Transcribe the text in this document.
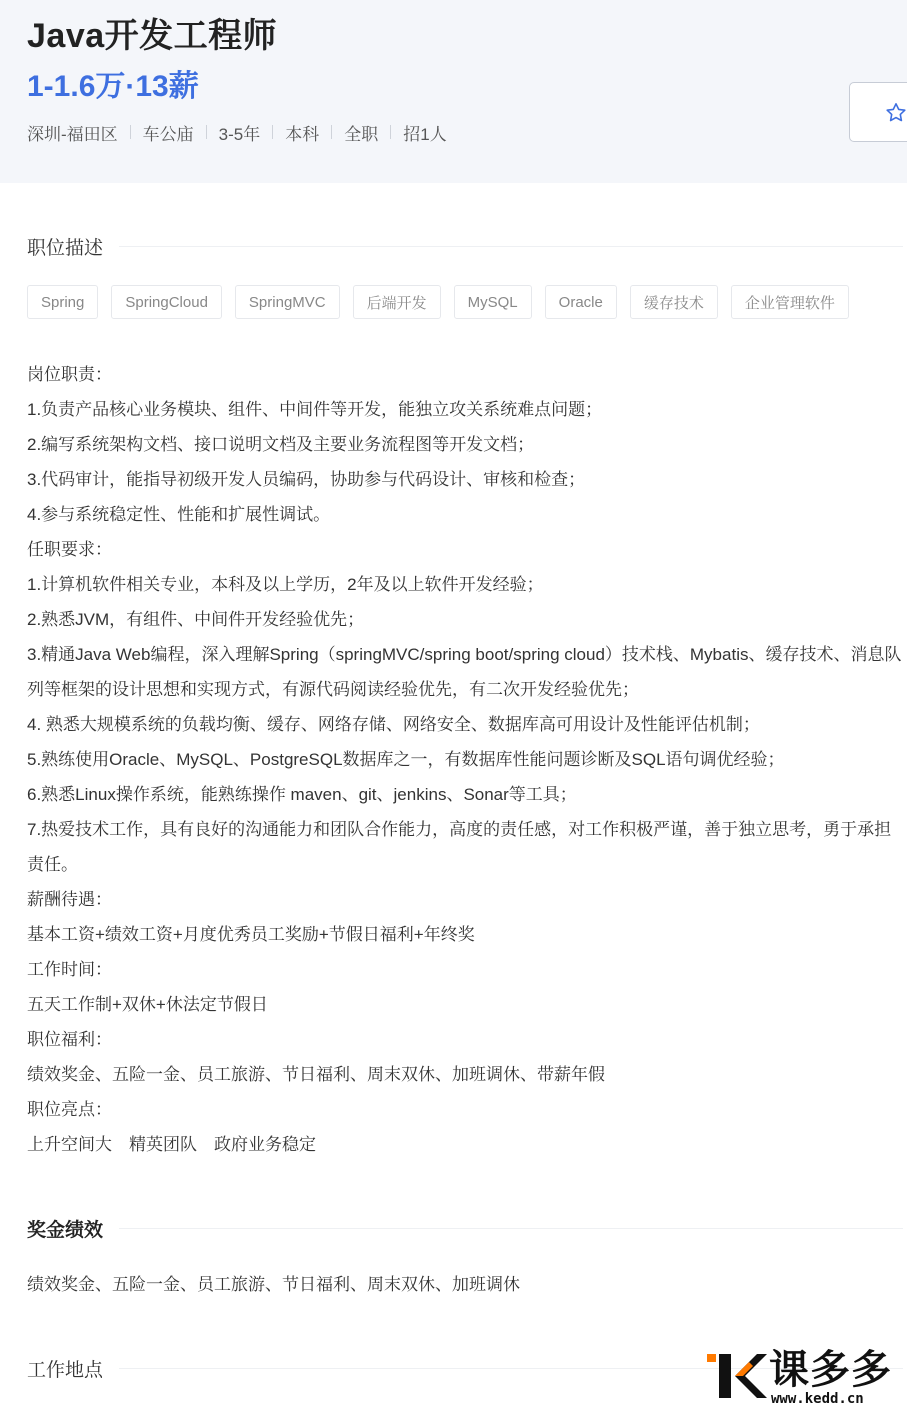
Java开发工程师
1-1.6万·13薪
深圳-福田区 车公庙 3-5年 本科 全职 招1人
职位描述
Spring	SpringCloud	SpringMVC	后端开发	MySQL	Oracle	缓存技术	企业管理软件

岗位职责：

1.负责产品核心业务模块、组件、中间件等开发，能独立攻关系统难点问题；

2.编写系统架构文档、接口说明文档及主要业务流程图等开发文档；

3.代码审计，能指导初级开发人员编码，协助参与代码设计、审核和检查；

4.参与系统稳定性、性能和扩展性调试。

任职要求：

1.计算机软件相关专业，本科及以上学历，2年及以上软件开发经验；

2.熟悉JVM，有组件、中间件开发经验优先；

3.精通Java Web编程，深入理解Spring（springMVC/spring boot/spring cloud）技术栈、Mybatis、缓存技术、消息队列等框架的设计思想和实现方式，有源代码阅读经验优先，有二次开发经验优先；

4. 熟悉大规模系统的负载均衡、缓存、网络存储、网络安全、数据库高可用设计及性能评估机制；

5.熟练使用Oracle、MySQL、PostgreSQL数据库之一，有数据库性能问题诊断及SQL语句调优经验；

6.熟悉Linux操作系统，能熟练操作 maven、git、jenkins、Sonar等工具；

7.热爱技术工作，具有良好的沟通能力和团队合作能力，高度的责任感，对工作积极严谨，善于独立思考，勇于承担责任。

薪酬待遇：

基本工资+绩效工资+月度优秀员工奖励+节假日福利+年终奖

工作时间：

五天工作制+双休+休法定节假日

职位福利：

绩效奖金、五险一金、员工旅游、节日福利、周末双休、加班调休、带薪年假

职位亮点：

上升空间大　精英团队　政府业务稳定

奖金绩效
绩效奖金、五险一金、员工旅游、节日福利、周末双休、加班调休
工作地点	课多多
www.kedd.cn
